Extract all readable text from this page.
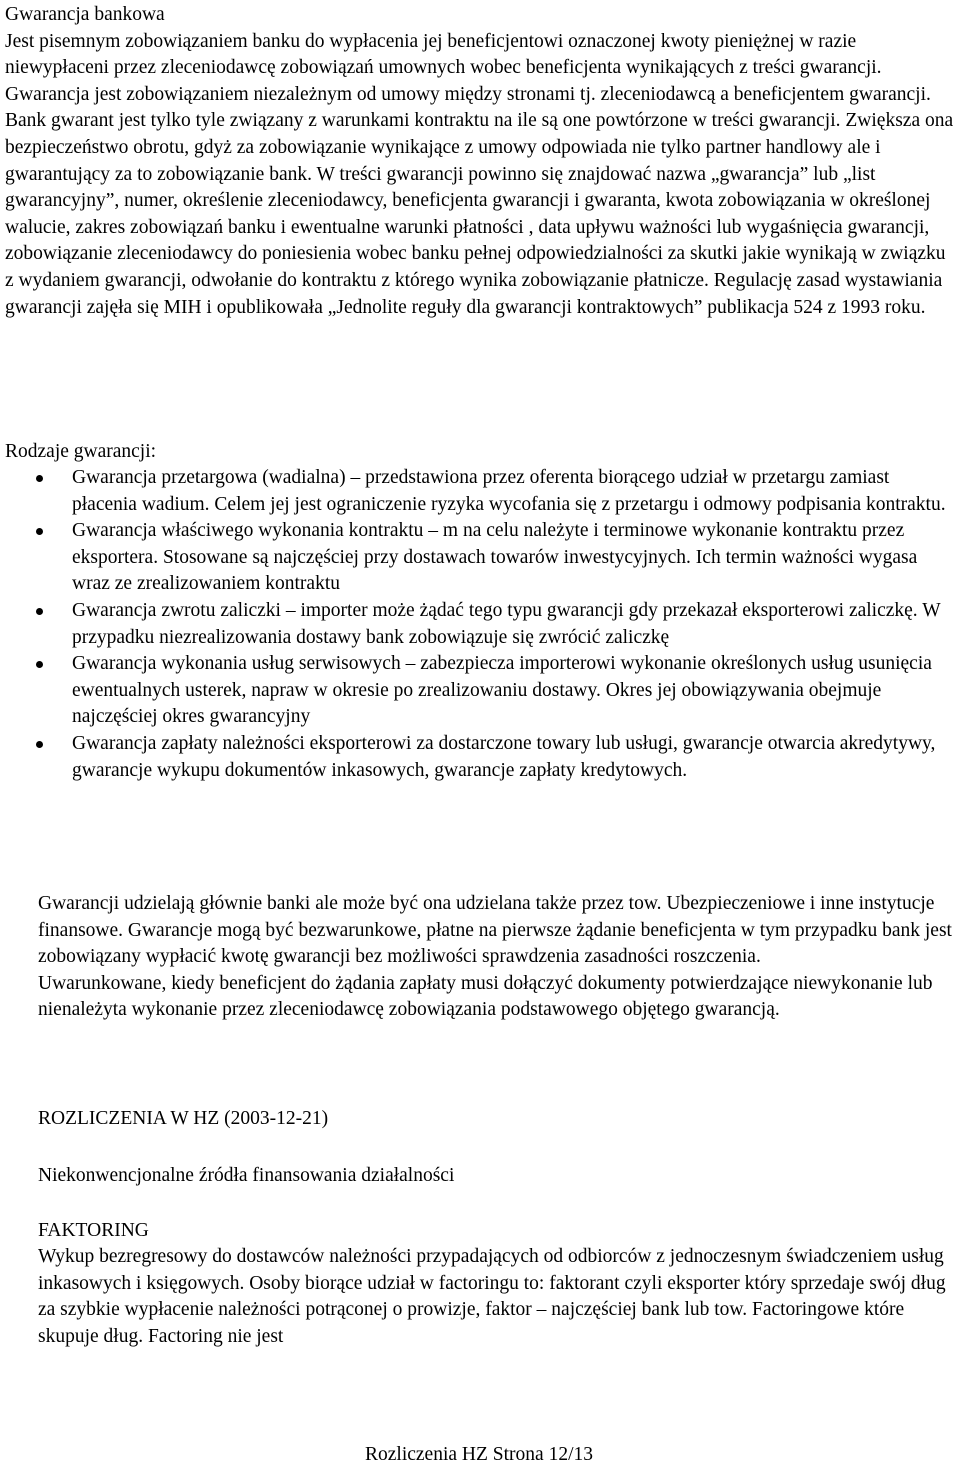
Gwarancja bankowa

Jest pisemnym zobowiązaniem banku do wypłacenia jej beneficjentowi oznaczonej kwoty pieniężnej w razie niewypłaceni przez zleceniodawcę zobowiązań umownych wobec beneficjenta wynikających z treści gwarancji. Gwarancja jest zobowiązaniem niezależnym od umowy między stronami tj. zleceniodawcą a beneficjentem gwarancji. Bank gwarant jest tylko tyle związany z warunkami kontraktu na ile są one powtórzone w treści gwarancji. Zwiększa ona bezpieczeństwo obrotu, gdyż za zobowiązanie wynikające z umowy odpowiada nie tylko partner handlowy ale i gwarantujący za to zobowiązanie bank. W treści gwarancji powinno się znajdować nazwa „gwarancja” lub „list gwarancyjny”, numer, określenie zleceniodawcy, beneficjenta gwarancji i gwaranta, kwota zobowiązania w określonej walucie, zakres zobowiązań banku i ewentualne warunki płatności , data upływu ważności lub wygaśnięcia gwarancji, zobowiązanie zleceniodawcy do poniesienia wobec banku pełnej odpowiedzialności za skutki jakie wynikają w związku z wydaniem gwarancji, odwołanie do kontraktu z którego wynika zobowiązanie płatnicze. Regulację zasad wystawiania gwarancji zajęła się MIH i opublikowała „Jednolite reguły dla gwarancji kontraktowych” publikacja 524 z 1993 roku.

Rodzaje gwarancji:

Gwarancja przetargowa (wadialna) – przedstawiona przez oferenta biorącego udział w przetargu zamiast płacenia wadium. Celem jej jest ograniczenie ryzyka wycofania się z przetargu i odmowy podpisania kontraktu.
Gwarancja właściwego wykonania kontraktu – m na celu należyte i terminowe wykonanie kontraktu przez eksportera. Stosowane są najczęściej przy dostawach towarów inwestycyjnych. Ich termin ważności wygasa wraz ze zrealizowaniem kontraktu
Gwarancja zwrotu zaliczki – importer może żądać tego typu gwarancji gdy przekazał eksporterowi zaliczkę. W przypadku niezrealizowania dostawy bank zobowiązuje się zwrócić zaliczkę
Gwarancja wykonania usług serwisowych – zabezpiecza importerowi wykonanie określonych usług usunięcia ewentualnych usterek, napraw w okresie po zrealizowaniu dostawy. Okres jej obowiązywania obejmuje najczęściej okres gwarancyjny
Gwarancja zapłaty należności eksporterowi za dostarczone towary lub usługi, gwarancje otwarcia akredytywy, gwarancje wykupu dokumentów inkasowych, gwarancje zapłaty kredytowych.

Gwarancji udzielają głównie banki ale może być ona udzielana także przez tow. Ubezpieczeniowe i inne instytucje finansowe. Gwarancje mogą być bezwarunkowe, płatne na pierwsze żądanie beneficjenta w tym przypadku bank jest zobowiązany wypłacić kwotę gwarancji bez możliwości sprawdzenia zasadności roszczenia.

Uwarunkowane, kiedy beneficjent do żądania zapłaty musi dołączyć dokumenty potwierdzające niewykonanie lub nienależyta wykonanie przez zleceniodawcę zobowiązania podstawowego objętego gwarancją.

ROZLICZENIA W HZ (2003-12-21)

Niekonwencjonalne źródła finansowania działalności

FAKTORING

Wykup bezregresowy do dostawców należności przypadających od odbiorców z jednoczesnym świadczeniem usług inkasowych i księgowych. Osoby biorące udział w factoringu to: faktorant czyli eksporter który sprzedaje swój dług za szybkie wypłacenie należności potrąconej o prowizje, faktor – najczęściej bank lub tow. Factoringowe które skupuje dług. Factoring nie jest

Rozliczenia HZ Strona 12/13
